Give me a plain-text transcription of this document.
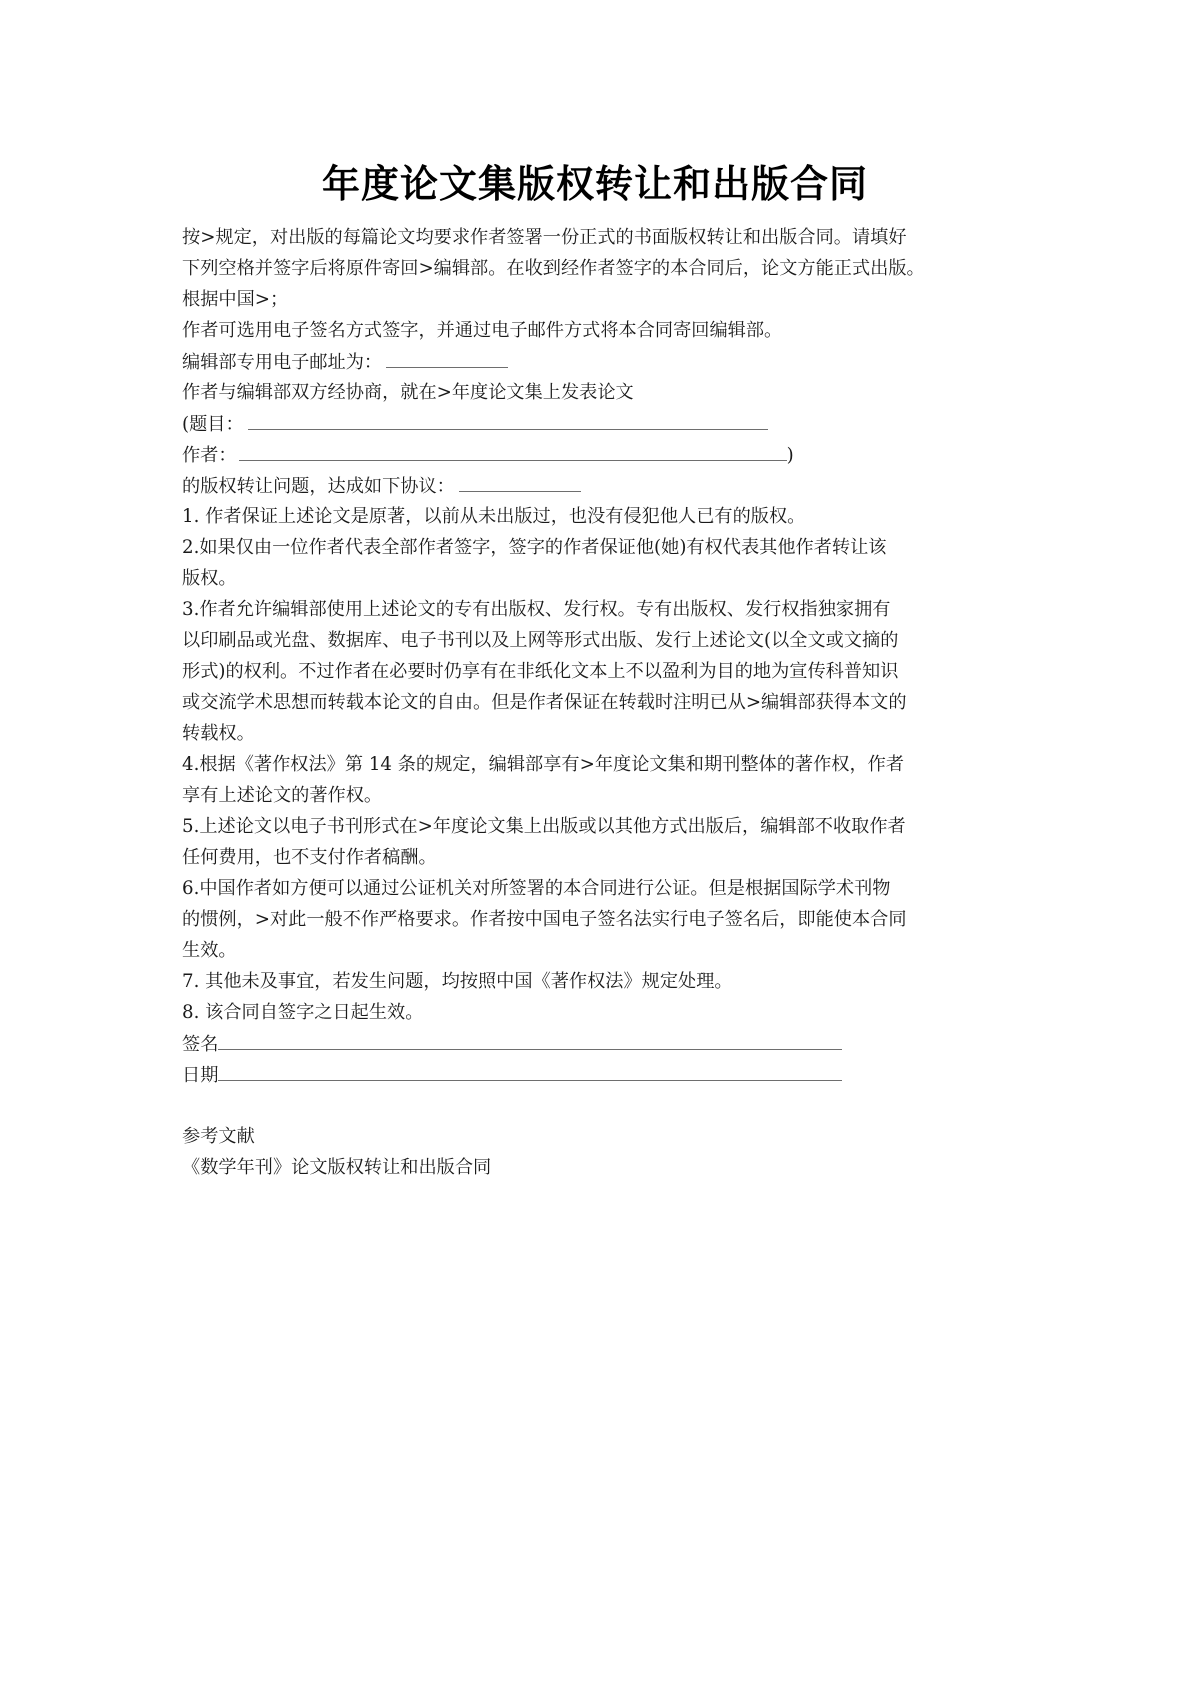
年度论文集版权转让和出版合同
按>规定，对出版的每篇论文均要求作者签署一份正式的书面版权转让和出版合同。请填好
下列空格并签字后将原件寄回>编辑部。在收到经作者签字的本合同后，论文方能正式出版。
根据中国>；
作者可选用电子签名方式签字，并通过电子邮件方式将本合同寄回编辑部。
编辑部专用电子邮址为：
作者与编辑部双方经协商，就在>年度论文集上发表论文
(题目：
作者：	)
的版权转让问题，达成如下协议：
1. 作者保证上述论文是原著，以前从未出版过，也没有侵犯他人已有的版权。
2.如果仅由一位作者代表全部作者签字，签字的作者保证他(她)有权代表其他作者转让该
版权。
3.作者允许编辑部使用上述论文的专有出版权、发行权。专有出版权、发行权指独家拥有
以印刷品或光盘、数据库、电子书刊以及上网等形式出版、发行上述论文(以全文或文摘的
形式)的权利。不过作者在必要时仍享有在非纸化文本上不以盈利为目的地为宣传科普知识
或交流学术思想而转载本论文的自由。但是作者保证在转载时注明已从>编辑部获得本文的
转载权。
4.根据《著作权法》第 14 条的规定，编辑部享有>年度论文集和期刊整体的著作权，作者
享有上述论文的著作权。
5.上述论文以电子书刊形式在>年度论文集上出版或以其他方式出版后，编辑部不收取作者
任何费用，也不支付作者稿酬。
6.中国作者如方便可以通过公证机关对所签署的本合同进行公证。但是根据国际学术刊物
的惯例，>对此一般不作严格要求。作者按中国电子签名法实行电子签名后，即能使本合同
生效。
7. 其他未及事宜，若发生问题，均按照中国《著作权法》规定处理。
8. 该合同自签字之日起生效。
签名
日期
参考文献
《数学年刊》论文版权转让和出版合同
